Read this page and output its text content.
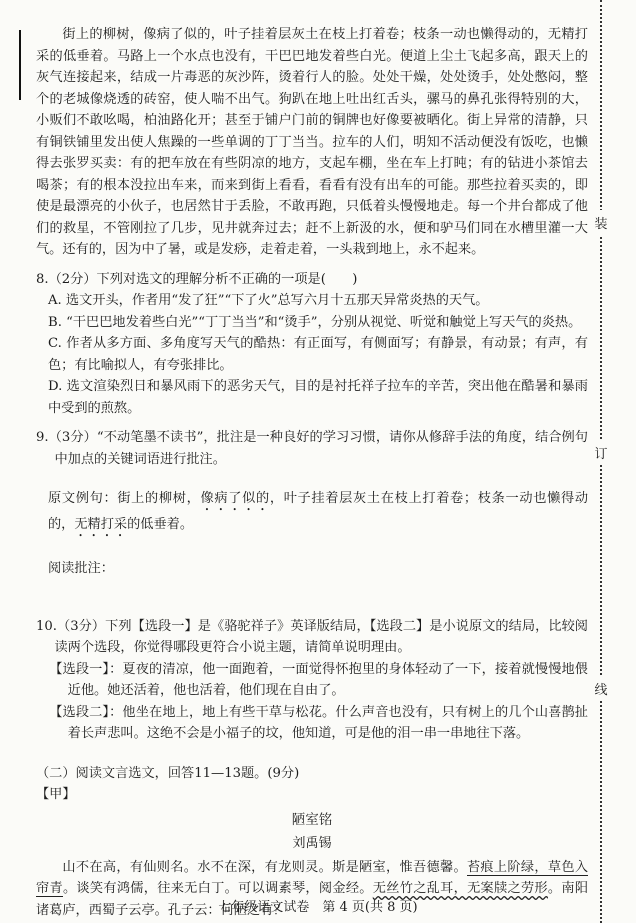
装
订
线

街上的柳树，像病了似的，叶子挂着层灰土在枝上打着卷；枝条一动也懒得动的，无精打采的低垂着。马路上一个水点也没有，干巴巴地发着些白光。便道上尘土飞起多高，跟天上的灰气连接起来，结成一片毒恶的灰沙阵，烫着行人的脸。处处干燥，处处烫手，处处憋闷，整个的老城像烧透的砖窑，使人喘不出气。狗趴在地上吐出红舌头，骡马的鼻孔张得特别的大，小贩们不敢吆喝，柏油路化开；甚至于铺户门前的铜牌也好像要被晒化。街上异常的清静，只有铜铁铺里发出使人焦躁的一些单调的丁丁当当。拉车的人们，明知不活动便没有饭吃，也懒得去张罗买卖：有的把车放在有些阴凉的地方，支起车棚，坐在车上打盹；有的钻进小茶馆去喝茶；有的根本没拉出车来，而来到街上看看，看看有没有出车的可能。那些拉着买卖的，即使是最漂亮的小伙子，也居然甘于丢脸，不敢再跑，只低着头慢慢地走。每一个井台都成了他们的救星，不管刚拉了几步，见井就奔过去；赶不上新汲的水，便和驴马们同在水槽里灌一大气。还有的，因为中了暑，或是发痧，走着走着，一头栽到地上，永不起来。

8.（2分）下列对选文的理解分析不正确的一项是(　　)

A. 选文开头，作者用“发了狂”“下了火”总写六月十五那天异常炎热的天气。

B. “干巴巴地发着些白光”“丁丁当当”和“烫手”，分别从视觉、听觉和触觉上写天气的炎热。

C. 作者从多方面、多角度写天气的酷热：有正面写，有侧面写；有静景，有动景；有声，有色；有比喻拟人，有夸张排比。

D. 选文渲染烈日和暴风雨下的恶劣天气，目的是衬托祥子拉车的辛苦，突出他在酷暑和暴雨中受到的煎熬。

9.（3分）“不动笔墨不读书”，批注是一种良好的学习习惯，请你从修辞手法的角度，结合例句中加点的关键词语进行批注。

原文例句：街上的柳树，像病了似的，叶子挂着层灰土在枝上打着卷；枝条一动也懒得动的，无精打采的低垂着。

阅读批注：

10.（3分）下列【选段一】是《骆驼祥子》英译版结局，【选段二】是小说原文的结局，比较阅读两个选段，你觉得哪段更符合小说主题，请简单说明理由。

【选段一】：夏夜的清凉，他一面跑着，一面觉得怀抱里的身体轻动了一下，接着就慢慢地偎近他。她还活着，他也活着，他们现在自由了。

【选段二】：他坐在地上，地上有些干草与松花。什么声音也没有，只有树上的几个山喜鹊扯着长声悲叫。这绝不会是小福子的坟，他知道，可是他的泪一串一串地往下落。

（二）阅读文言选文，回答11—13题。(9分)

【甲】

陋室铭

刘禹锡

山不在高，有仙则名。水不在深，有龙则灵。斯是陋室，惟吾德馨。苔痕上阶绿，草色入帘青。谈笑有鸿儒，往来无白丁。可以调素琴，阅金经。无丝竹之乱耳，无案牍之劳形。南阳诸葛庐，西蜀子云亭。孔子云：何陋之有？

七年级语文试卷　第 4 页(共 8 页)
